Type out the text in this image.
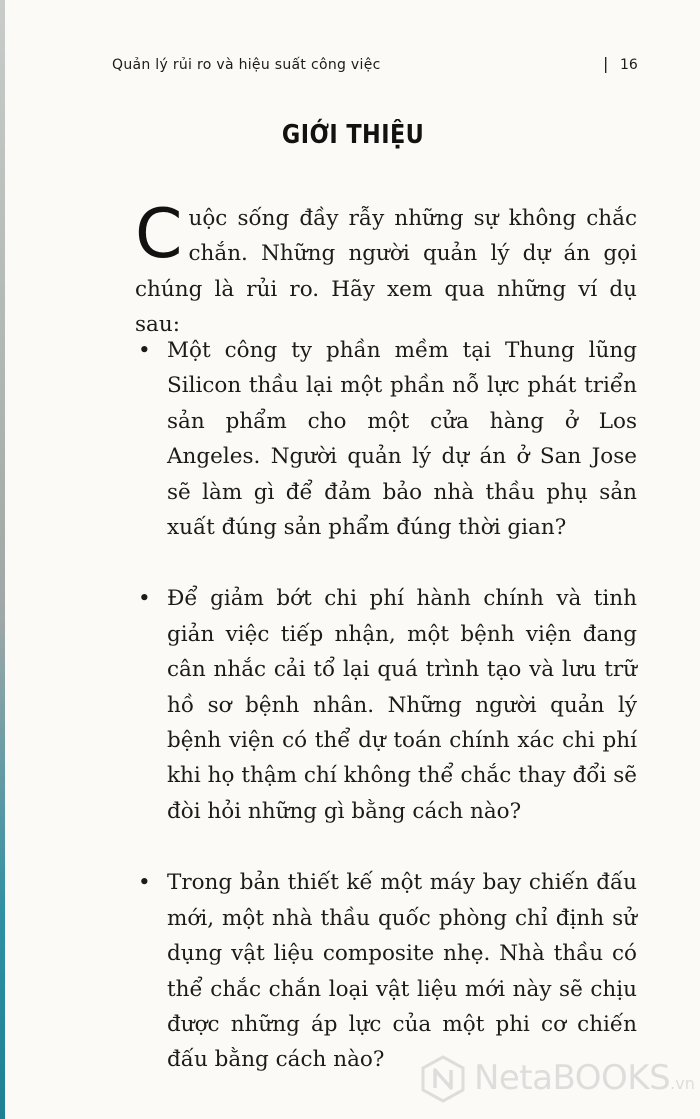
Quản lý rủi ro và hiệu suất công việc	| 16
GIỚI THIỆU

Cuộc sống đầy rẫy những sự không chắc chắn. Những người quản lý dự án gọi chúng là rủi ro. Hãy xem qua những ví dụ sau:

• Một công ty phần mềm tại Thung lũng Silicon thầu lại một phần nỗ lực phát triển sản phẩm cho một cửa hàng ở Los Angeles. Người quản lý dự án ở San Jose sẽ làm gì để đảm bảo nhà thầu phụ sản xuất đúng sản phẩm đúng thời gian?
• Để giảm bớt chi phí hành chính và tinh giản việc tiếp nhận, một bệnh viện đang cân nhắc cải tổ lại quá trình tạo và lưu trữ hồ sơ bệnh nhân. Những người quản lý bệnh viện có thể dự toán chính xác chi phí khi họ thậm chí không thể chắc thay đổi sẽ đòi hỏi những gì bằng cách nào?
• Trong bản thiết kế một máy bay chiến đấu mới, một nhà thầu quốc phòng chỉ định sử dụng vật liệu composite nhẹ. Nhà thầu có thể chắc chắn loại vật liệu mới này sẽ chịu được những áp lực của một phi cơ chiến đấu bằng cách nào?	NetaBOOKS.vn
